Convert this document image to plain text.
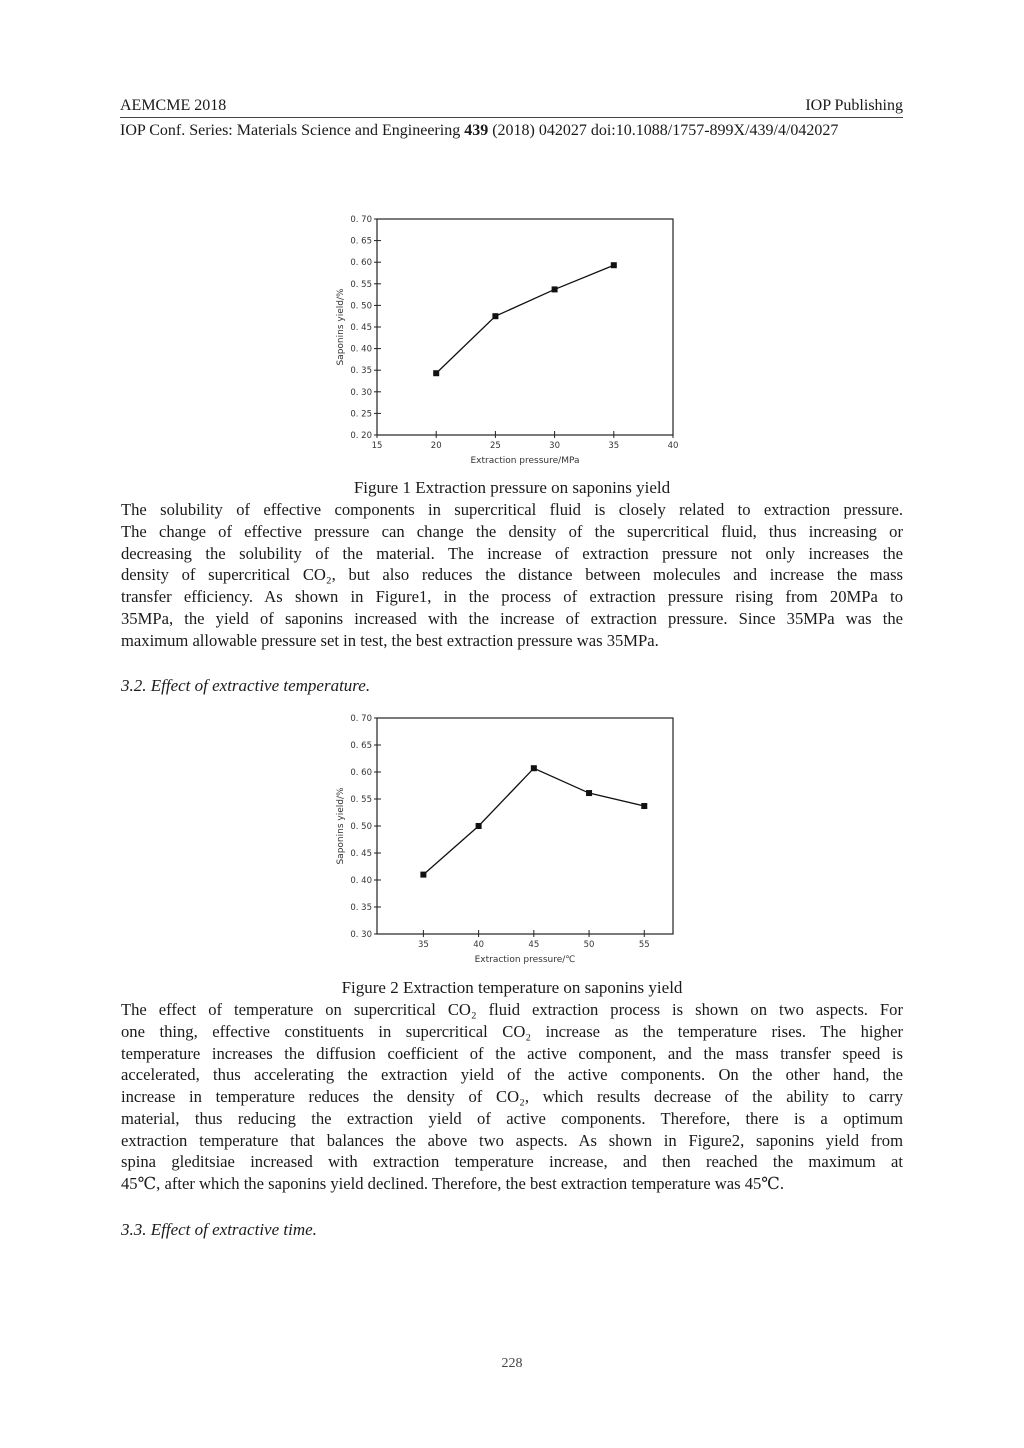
AEMCME 2018	IOP Publishing
IOP Conf. Series: Materials Science and Engineering 439 (2018) 042027 doi:10.1088/1757-899X/439/4/042027
0. 20
0. 25
0. 30
0. 35
0. 40
0. 45
0. 50
0. 55
0. 60
0. 65
0. 70
15	20	25	30	35	40
Extraction pressure/MPa
Saponins yield/%
Figure 1 Extraction pressure on saponins yield
The solubility of effective components in supercritical fluid is closely related to extraction pressure.
The change of effective pressure can change the density of the supercritical fluid, thus increasing or
decreasing the solubility of the material. The increase of extraction pressure not only increases the
density of supercritical CO₂, but also reduces the distance between molecules and increase the mass
transfer efficiency. As shown in Figure1, in the process of extraction pressure rising from 20MPa to
35MPa, the yield of saponins increased with the increase of extraction pressure. Since 35MPa was the
maximum allowable pressure set in test, the best extraction pressure was 35MPa.
3.2. Effect of extractive temperature.
0. 30
0. 35
0. 40
0. 45
0. 50
0. 55
0. 60
0. 65
0. 70
35	40	45	50	55
Extraction pressure/℃
Saponins yield/%
Figure 2 Extraction temperature on saponins yield
The effect of temperature on supercritical CO₂ fluid extraction process is shown on two aspects. For
one thing, effective constituents in supercritical CO₂ increase as the temperature rises. The higher
temperature increases the diffusion coefficient of the active component, and the mass transfer speed is
accelerated, thus accelerating the extraction yield of the active components. On the other hand, the
increase in temperature reduces the density of CO₂, which results decrease of the ability to carry
material, thus reducing the extraction yield of active components. Therefore, there is a optimum
extraction temperature that balances the above two aspects. As shown in Figure2, saponins yield from
spina gleditsiae increased with extraction temperature increase, and then reached the maximum at
45℃, after which the saponins yield declined. Therefore, the best extraction temperature was 45℃.
3.3. Effect of extractive time.
228
